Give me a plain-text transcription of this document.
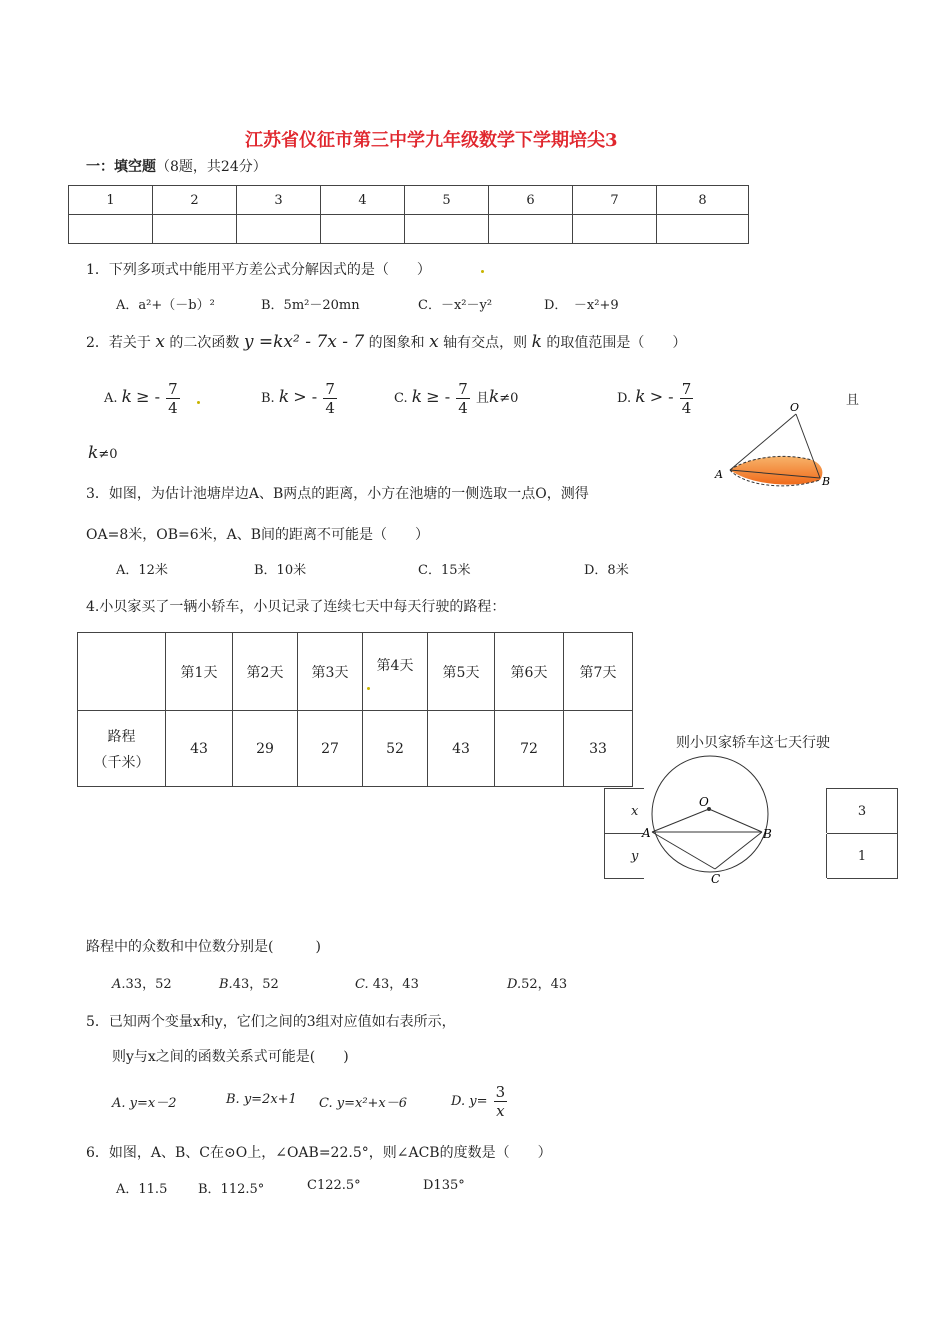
江苏省仪征市第三中学九年级数学下学期培尖3
一：填空题（8题，共24分）
1	2	3	4	5	6	7	8

1．下列多项式中能用平方差公式分解因式的是（　　）
A．a²+（－b）²	B．5m²－20mn	C．－x²－y²	D．　－x²+9
2．若关于 x 的二次函数 y =kx² - 7x - 7 的图象和 x 轴有交点，则 k 的取值范围是（　　）
A. k ≥ - $\frac{7}{4}$	B. k > - $\frac{7}{4}$	C. k ≥ - $\frac{7}{4}$ 且k≠0	D. k > - $\frac{7}{4}$	且
k≠0
O
A
B
3．如图，为估计池塘岸边A、B两点的距离，小方在池塘的一侧选取一点O，测得
OA=8米，OB=6米，A、B间的距离不可能是（　　）
A．12米	B．10米	C．15米	D．8米
4.小贝家买了一辆小轿车，小贝记录了连续七天中每天行驶的路程：
	第1天	第2天	第3天	第4天	第5天	第6天	第7天

路程
（千米）	43	29	27	52	43	72	33	则小贝家轿车这七天行驶
x		3
y		1
O
A	B
C
路程中的众数和中位数分别是(　　　)
A.33，52	B.43，52	C. 43，43	D.52，43
5．已知两个变量x和y，它们之间的3组对应值如右表所示，
则y与x之间的函数关系式可能是(　　)
A. y=x－2	B. y=2x+1 C. y=x²+x－6	D. $y= \frac{3}{x}$
6．如图，A、B、C在⊙O上，∠OAB=22.5°，则∠ACB的度数是（　　）
A．11.5 B．112.5°	C122.5°	D135°
